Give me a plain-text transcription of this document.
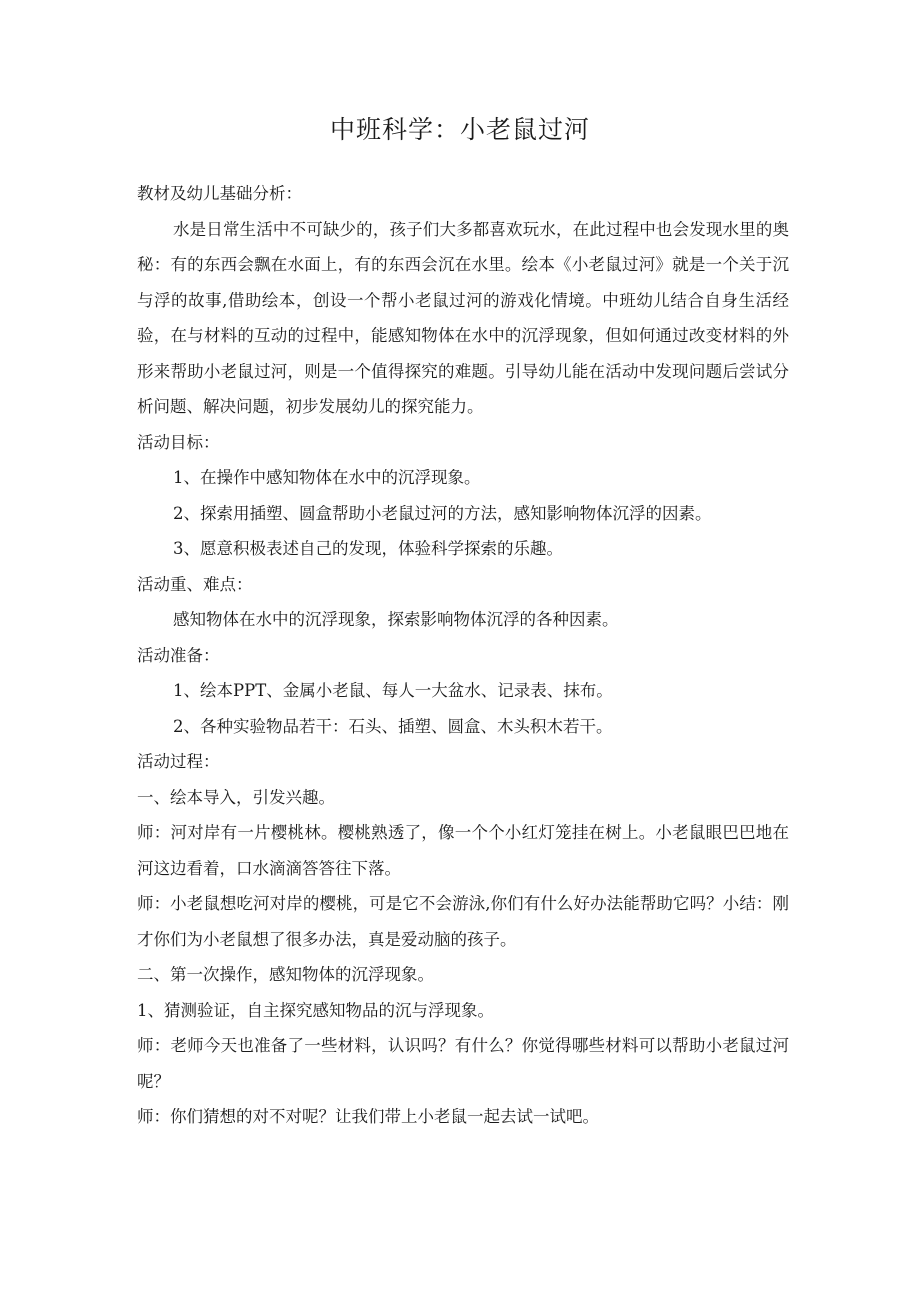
中班科学：小老鼠过河

教材及幼儿基础分析：

水是日常生活中不可缺少的，孩子们大多都喜欢玩水，在此过程中也会发现水里的奥秘：有的东西会飘在水面上，有的东西会沉在水里。绘本《小老鼠过河》就是一个关于沉与浮的故事,借助绘本，创设一个帮小老鼠过河的游戏化情境。中班幼儿结合自身生活经验，在与材料的互动的过程中，能感知物体在水中的沉浮现象，但如何通过改变材料的外形来帮助小老鼠过河，则是一个值得探究的难题。引导幼儿能在活动中发现问题后尝试分析问题、解决问题，初步发展幼儿的探究能力。

活动目标：

1、在操作中感知物体在水中的沉浮现象。

2、探索用插塑、圆盒帮助小老鼠过河的方法，感知影响物体沉浮的因素。

3、愿意积极表述自己的发现，体验科学探索的乐趣。

活动重、难点：

感知物体在水中的沉浮现象，探索影响物体沉浮的各种因素。

活动准备：

1、绘本PPT、金属小老鼠、每人一大盆水、记录表、抹布。

2、各种实验物品若干：石头、插塑、圆盒、木头积木若干。

活动过程：

一、绘本导入，引发兴趣。

师：河对岸有一片樱桃林。樱桃熟透了，像一个个小红灯笼挂在树上。小老鼠眼巴巴地在河这边看着，口水滴滴答答往下落。

师：小老鼠想吃河对岸的樱桃，可是它不会游泳,你们有什么好办法能帮助它吗？小结：刚才你们为小老鼠想了很多办法，真是爱动脑的孩子。

二、第一次操作，感知物体的沉浮现象。

1、猜测验证，自主探究感知物品的沉与浮现象。

师：老师今天也准备了一些材料，认识吗？有什么？你觉得哪些材料可以帮助小老鼠过河呢？

师：你们猜想的对不对呢？让我们带上小老鼠一起去试一试吧。
